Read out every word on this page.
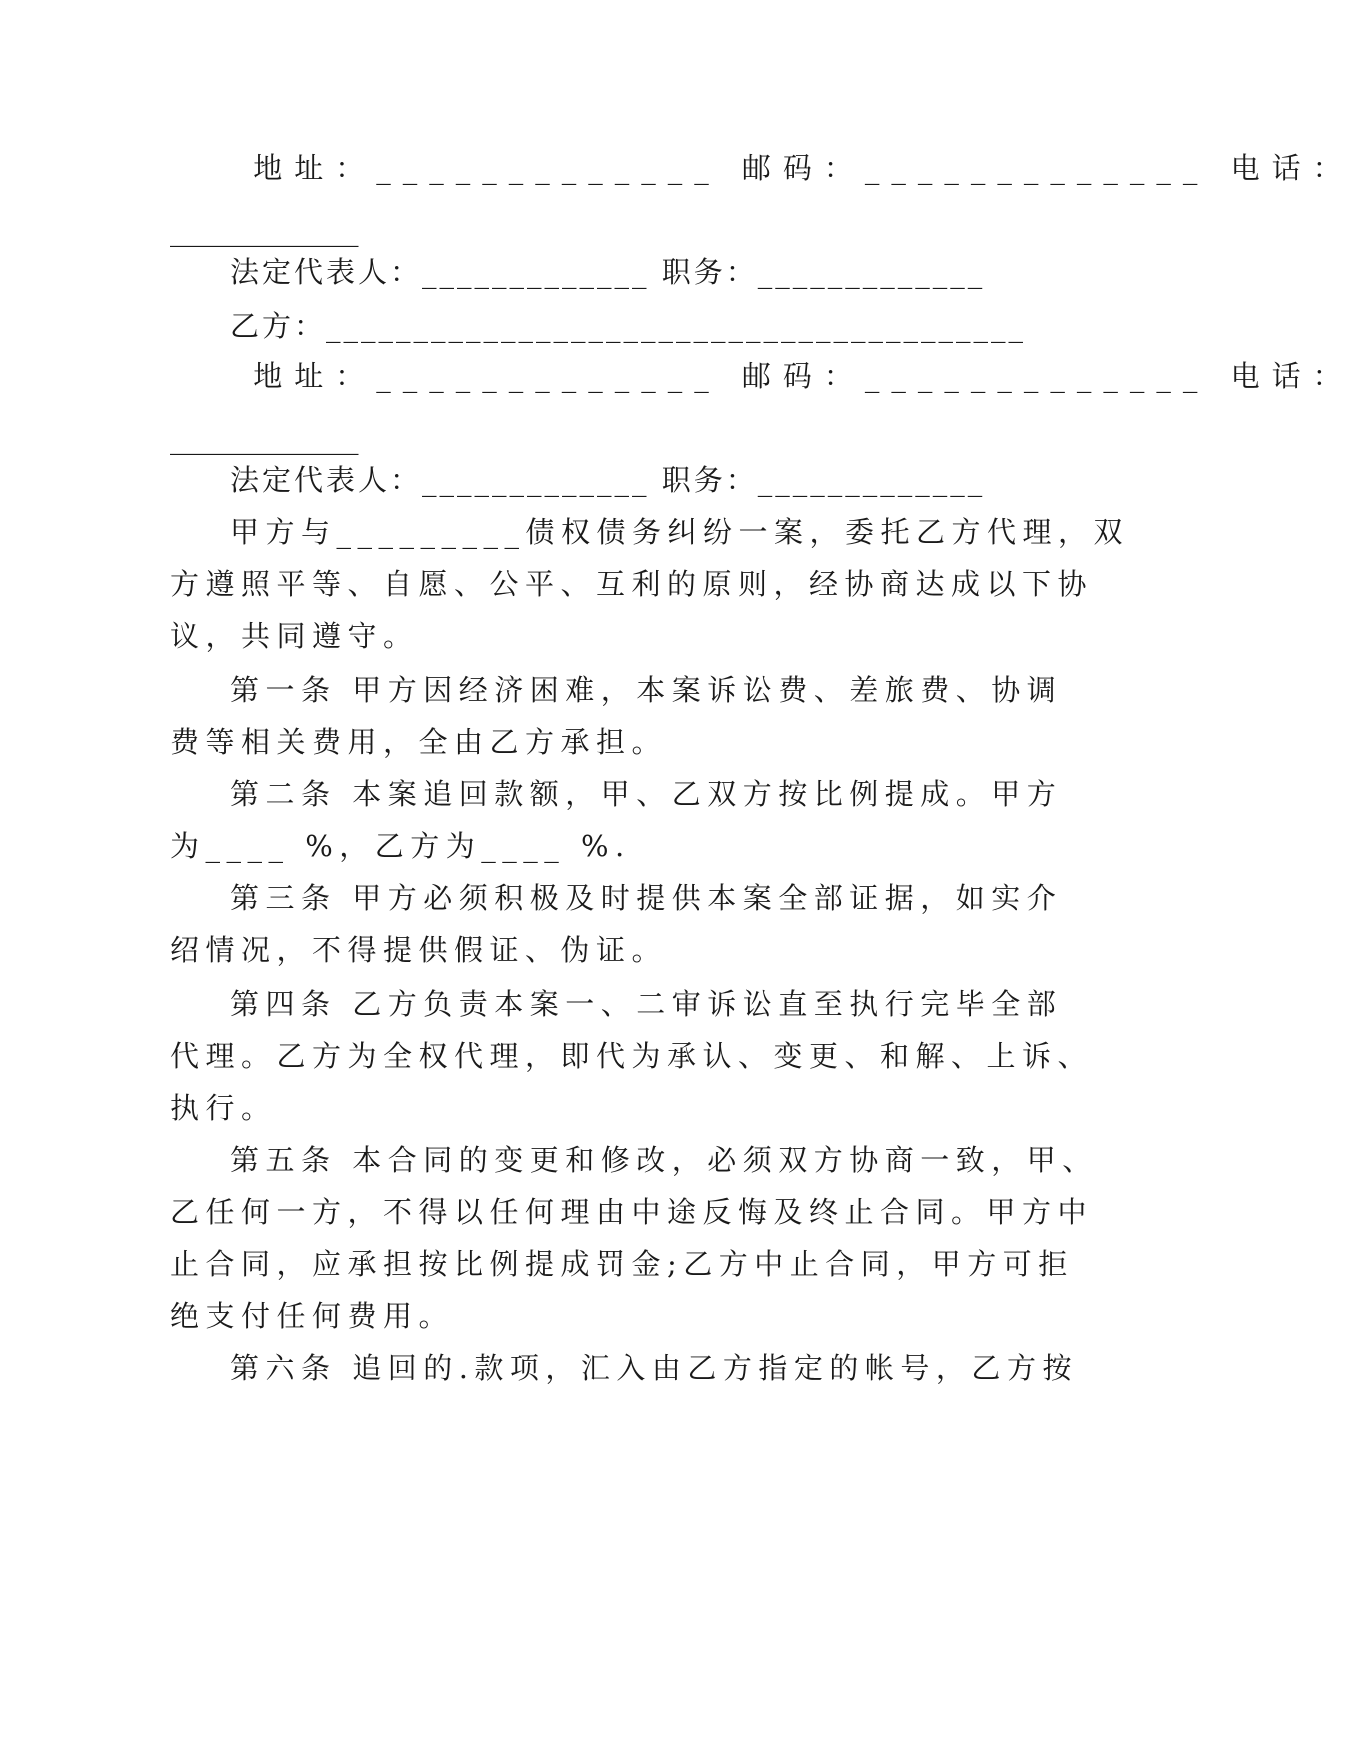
地址：_____________ 邮码：_____________ 电话：
_____________
法定代表人：_____________ 职务：_____________
乙方：________________________________________
地址：_____________ 邮码：_____________ 电话：
_____________
法定代表人：_____________ 职务：_____________
甲方与_________债权债务纠纷一案，委托乙方代理，双
方遵照平等、自愿、公平、互利的原则，经协商达成以下协
议，共同遵守。
第一条 甲方因经济困难，本案诉讼费、差旅费、协调
费等相关费用，全由乙方承担。
第二条 本案追回款额，甲、乙双方按比例提成。甲方
为____ %，乙方为____ %.
第三条 甲方必须积极及时提供本案全部证据，如实介
绍情况，不得提供假证、伪证。
第四条 乙方负责本案一、二审诉讼直至执行完毕全部
代理。乙方为全权代理，即代为承认、变更、和解、上诉、
执行。
第五条 本合同的变更和修改，必须双方协商一致，甲、
乙任何一方，不得以任何理由中途反悔及终止合同。甲方中
止合同，应承担按比例提成罚金;乙方中止合同，甲方可拒
绝支付任何费用。
第六条 追回的.款项，汇入由乙方指定的帐号，乙方按
